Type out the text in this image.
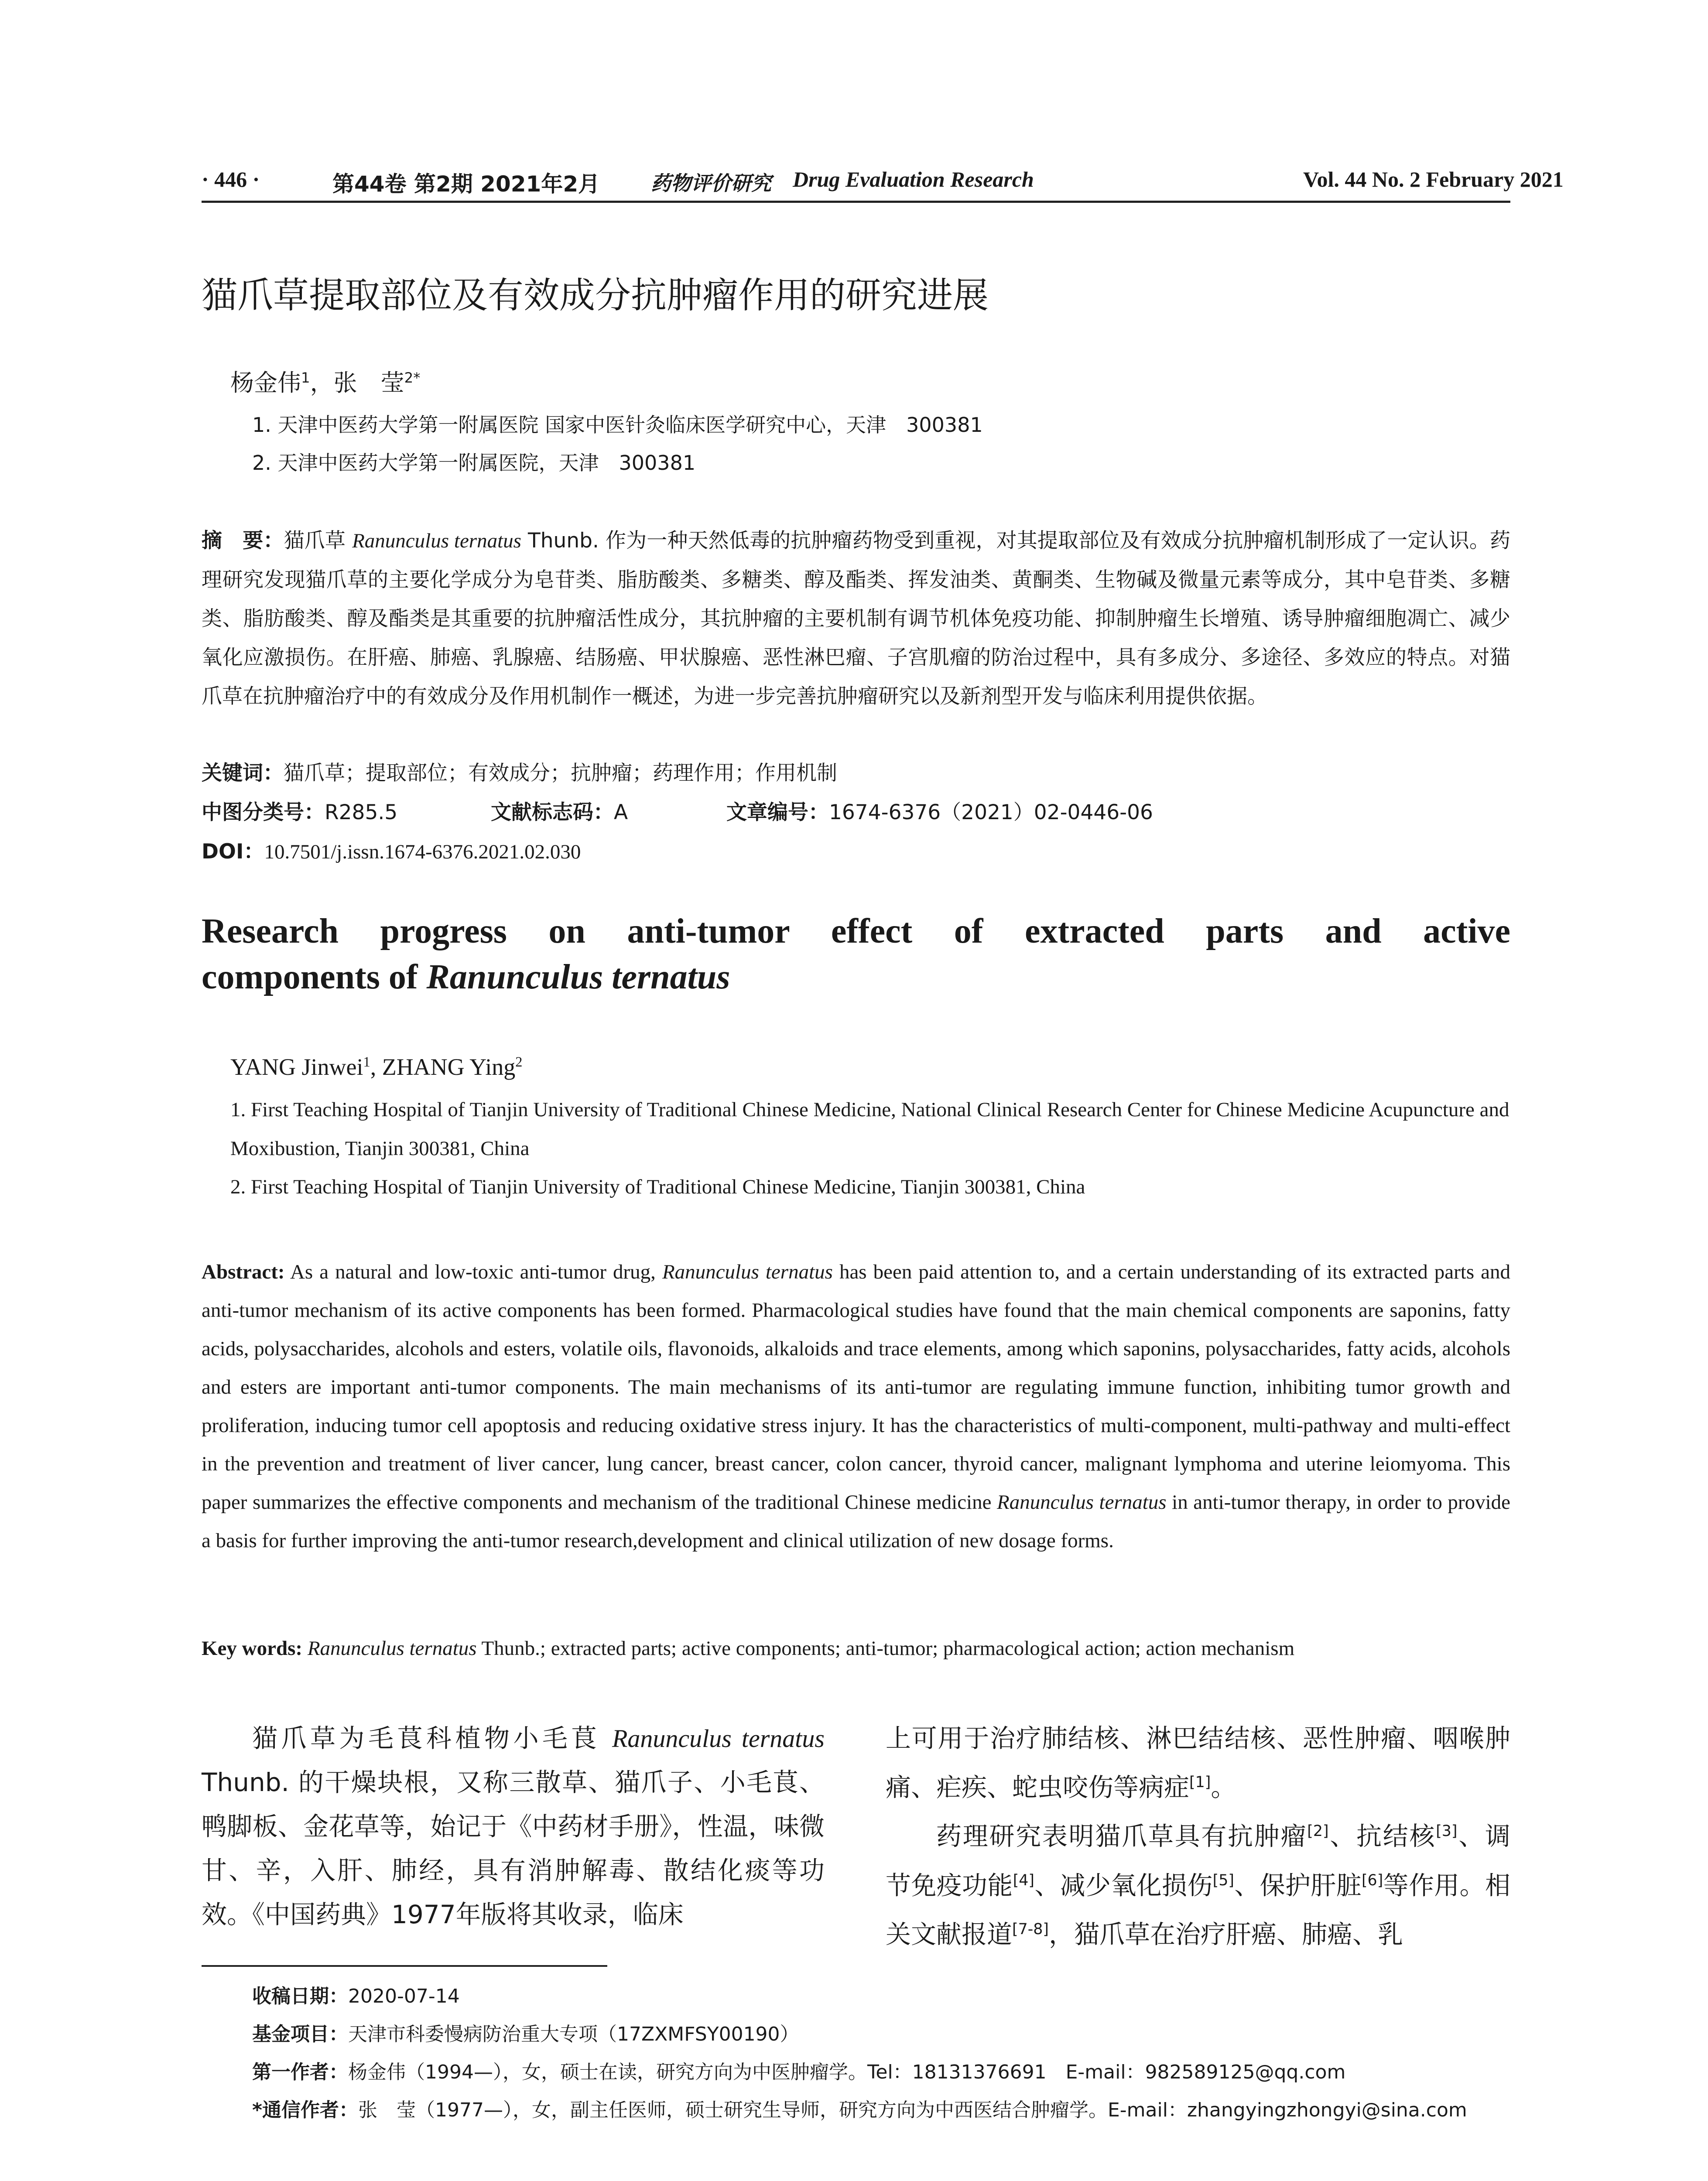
· 446 ·	第44卷 第2期 2021年2月	药物评价研究 Drug Evaluation Research	Vol. 44 No. 2 February 2021
猫爪草提取部位及有效成分抗肿瘤作用的研究进展
杨金伟$^1$，张　莹$^{2*}$
1. 天津中医药大学第一附属医院 国家中医针灸临床医学研究中心，天津　300381
2. 天津中医药大学第一附属医院，天津　300381
摘　要：猫爪草 Ranunculus ternatus Thunb. 作为一种天然低毒的抗肿瘤药物受到重视，对其提取部位及有效成分抗肿瘤机制形成了一定认识。药理研究发现猫爪草的主要化学成分为皂苷类、脂肪酸类、多糖类、醇及酯类、挥发油类、黄酮类、生物碱及微量元素等成分，其中皂苷类、多糖类、脂肪酸类、醇及酯类是其重要的抗肿瘤活性成分，其抗肿瘤的主要机制有调节机体免疫功能、抑制肿瘤生长增殖、诱导肿瘤细胞凋亡、减少氧化应激损伤。在肝癌、肺癌、乳腺癌、结肠癌、甲状腺癌、恶性淋巴瘤、子宫肌瘤的防治过程中，具有多成分、多途径、多效应的特点。对猫爪草在抗肿瘤治疗中的有效成分及作用机制作一概述，为进一步完善抗肿瘤研究以及新剂型开发与临床利用提供依据。
关键词：猫爪草；提取部位；有效成分；抗肿瘤；药理作用；作用机制
中图分类号：R285.5	文献标志码：A	文章编号：1674-6376（2021）02-0446-06
DOI：10.7501/j.issn.1674-6376.2021.02.030
Research progress on anti-tumor effect of extracted parts and active
components of Ranunculus ternatus
YANG Jinwei$^1$, ZHANG Ying$^2$
1. First Teaching Hospital of Tianjin University of Traditional Chinese Medicine, National Clinical Research Center for Chinese Medicine Acupuncture and Moxibustion, Tianjin 300381, China
2. First Teaching Hospital of Tianjin University of Traditional Chinese Medicine, Tianjin 300381, China
Abstract: As a natural and low-toxic anti-tumor drug, Ranunculus ternatus has been paid attention to, and a certain understanding of its extracted parts and anti-tumor mechanism of its active components has been formed. Pharmacological studies have found that the main chemical components are saponins, fatty acids, polysaccharides, alcohols and esters, volatile oils, flavonoids, alkaloids and trace elements, among which saponins, polysaccharides, fatty acids, alcohols and esters are important anti-tumor components. The main mechanisms of its anti-tumor are regulating immune function, inhibiting tumor growth and proliferation, inducing tumor cell apoptosis and reducing oxidative stress injury. It has the characteristics of multi-component, multi-pathway and multi-effect in the prevention and treatment of liver cancer, lung cancer, breast cancer, colon cancer, thyroid cancer, malignant lymphoma and uterine leiomyoma. This paper summarizes the effective components and mechanism of the traditional Chinese medicine Ranunculus ternatus in anti-tumor therapy, in order to provide a basis for further improving the anti-tumor research,development and clinical utilization of new dosage forms.
Key words: Ranunculus ternatus Thunb.; extracted parts; active components; anti-tumor; pharmacological action; action mechanism
猫爪草为毛茛科植物小毛茛 Ranunculus ternatus Thunb. 的干燥块根，又称三散草、猫爪子、小毛茛、鸭脚板、金花草等，始记于《中药材手册》，性温，味微甘、辛，入肝、肺经，具有消肿解毒、散结化痰等功效。《中国药典》1977年版将其收录，临床

上可用于治疗肺结核、淋巴结结核、恶性肿瘤、咽喉肿痛、疟疾、蛇虫咬伤等病症[1]。

药理研究表明猫爪草具有抗肿瘤[2]、抗结核[3]、调节免疫功能[4]、减少氧化损伤[5]、保护肝脏[6]等作用。相关文献报道[7-8]，猫爪草在治疗肝癌、肺癌、乳

收稿日期：2020-07-14
基金项目：天津市科委慢病防治重大专项（17ZXMFSY00190）
第一作者：杨金伟（1994—），女，硕士在读，研究方向为中医肿瘤学。Tel：18131376691　E-mail：982589125@qq.com
*通信作者：张　莹（1977—），女，副主任医师，硕士研究生导师，研究方向为中西医结合肿瘤学。E-mail：zhangyingzhongyi@sina.com
